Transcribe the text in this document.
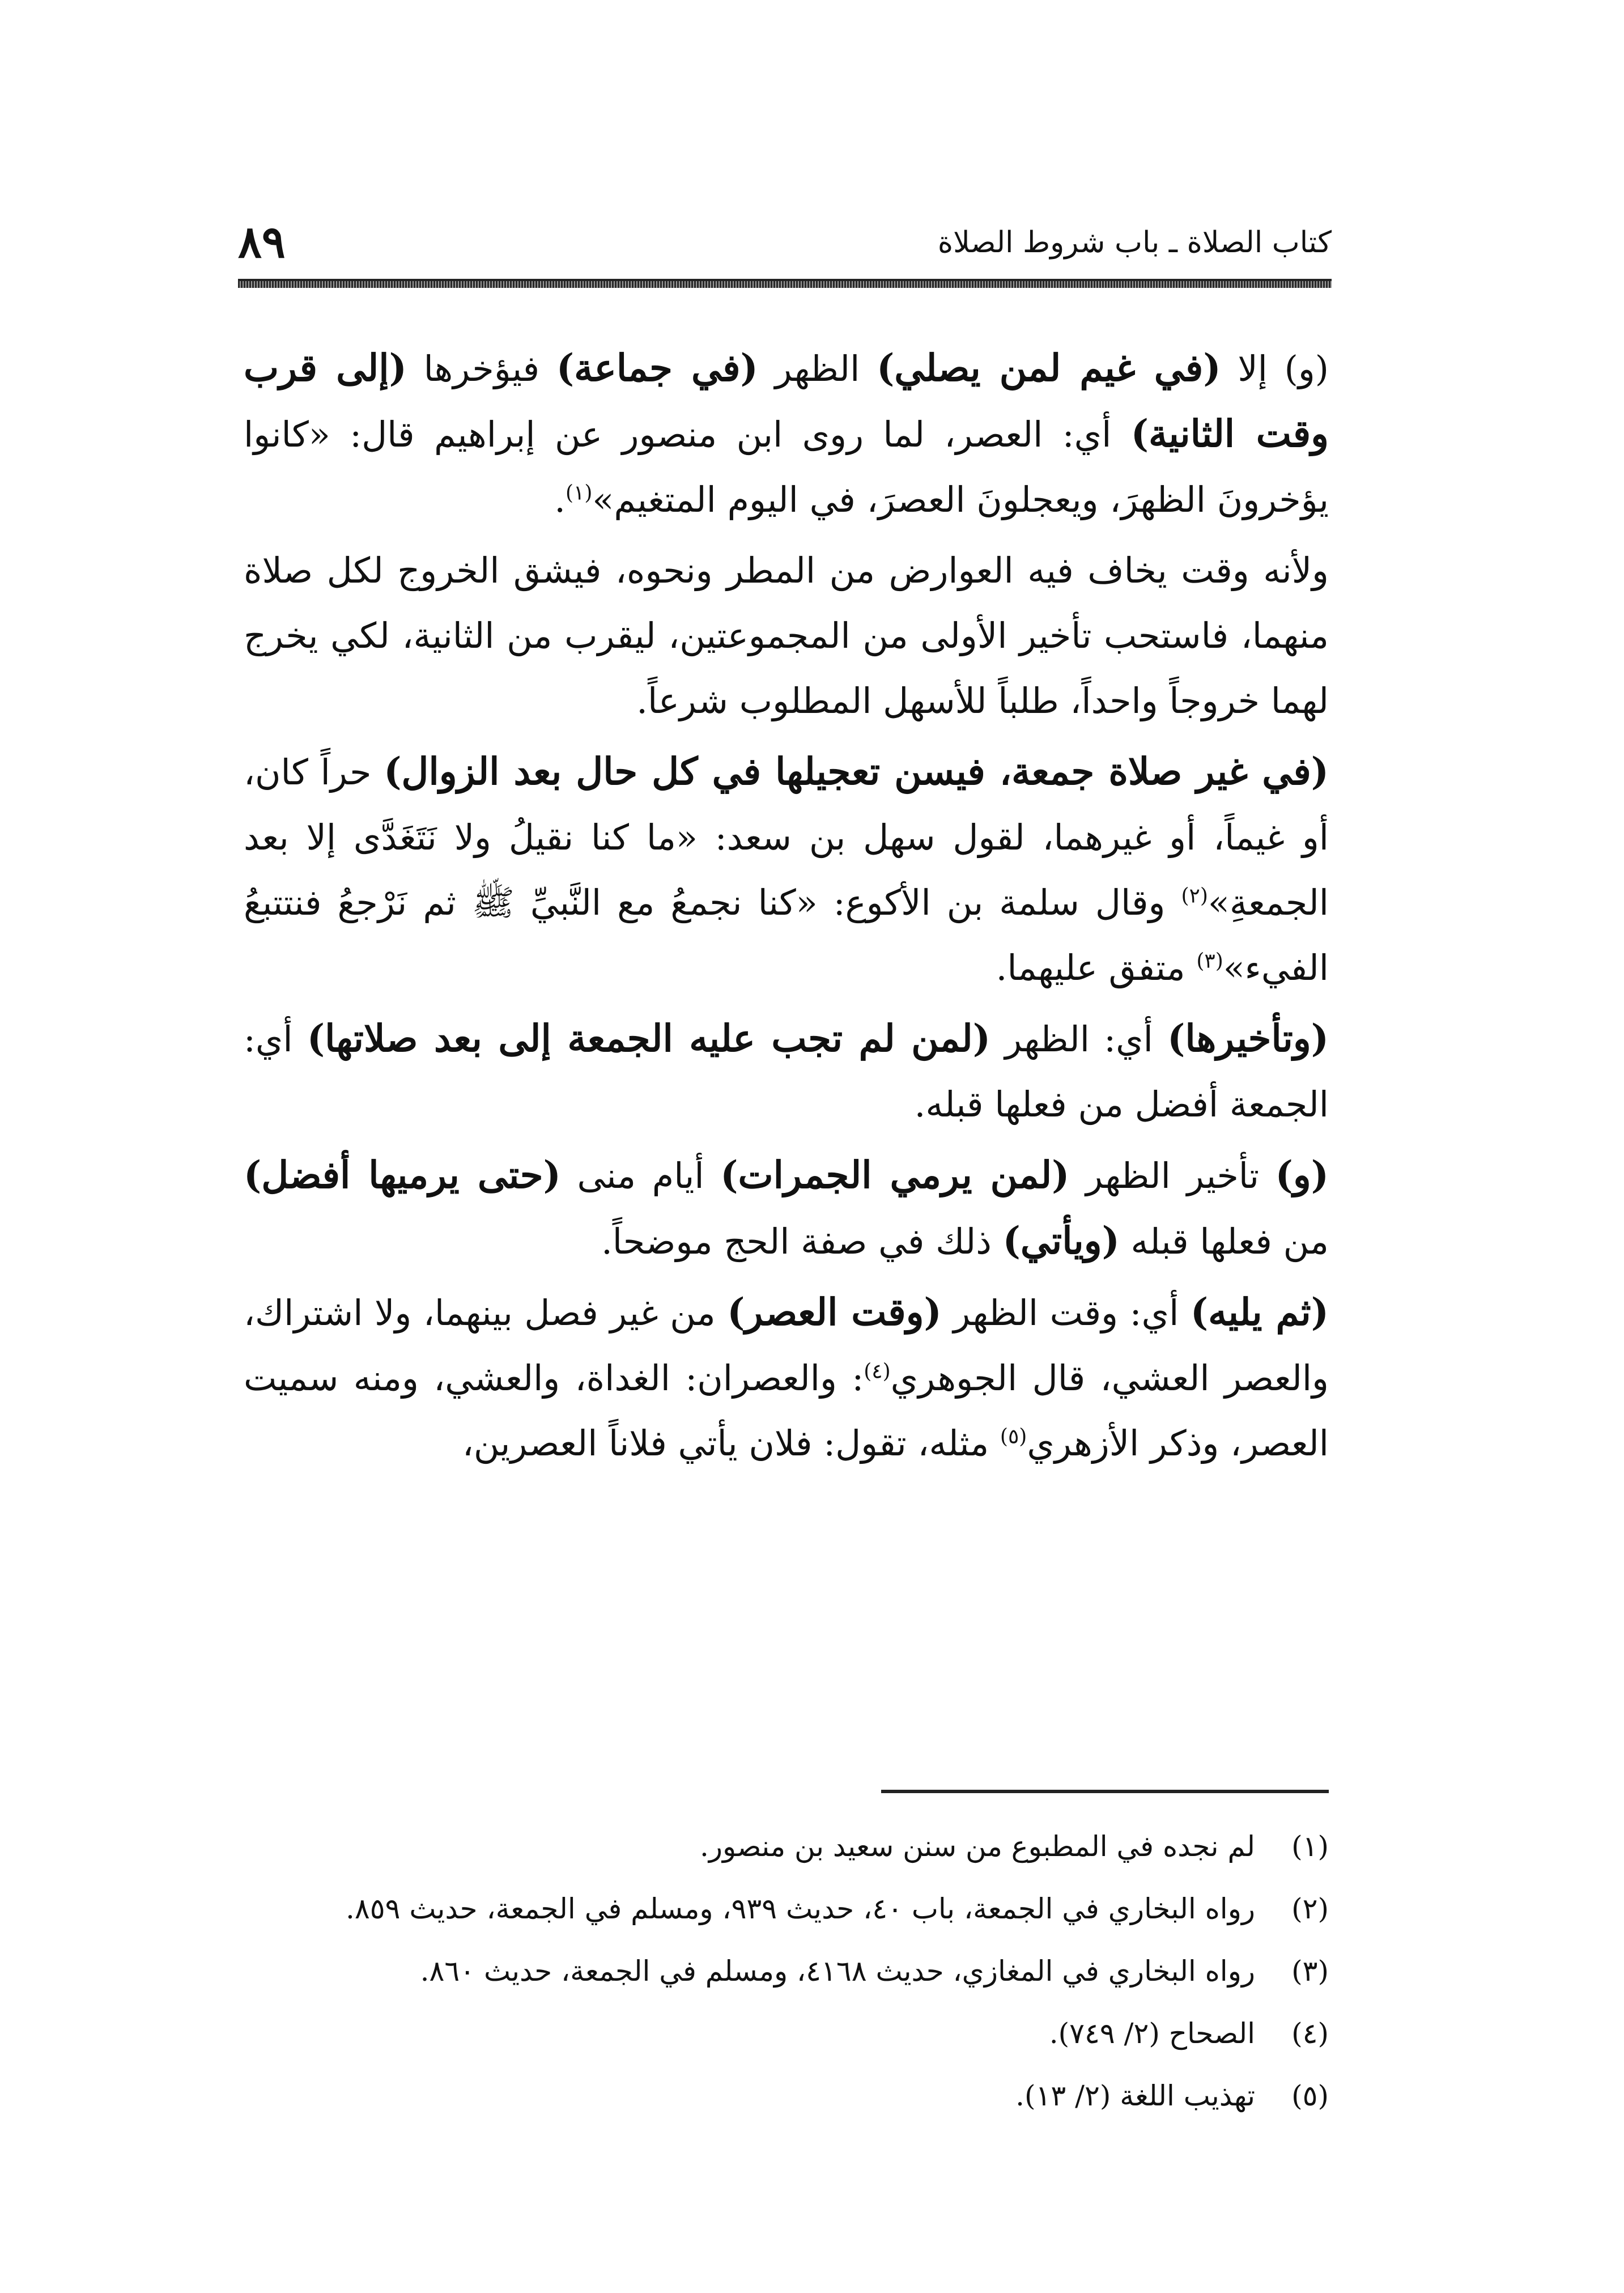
كتاب الصلاة ـ باب شروط الصلاة
٨٩

(و) إلا (في غيم لمن يصلي) الظهر (في جماعة) فيؤخرها (إلى قرب وقت الثانية) أي: العصر، لما روى ابن منصور عن إبراهيم قال: «كانوا يؤخرونَ الظهرَ، ويعجلونَ العصرَ، في اليوم المتغيم»$^{(١)}$.

ولأنه وقت يخاف فيه العوارض من المطر ونحوه، فيشق الخروج لكل صلاة منهما، فاستحب تأخير الأولى من المجموعتين، ليقرب من الثانية، لكي يخرج لهما خروجاً واحداً، طلباً للأسهل المطلوب شرعاً.

(في غير صلاة جمعة، فيسن تعجيلها في كل حال بعد الزوال) حراً كان، أو غيماً، أو غيرهما، لقول سهل بن سعد: «ما كنا نقيلُ ولا نَتَغَدَّى إلا بعد الجمعةِ»$^{(٢)}$ وقال سلمة بن الأكوع: «كنا نجمعُ مع النَّبيِّ ﷺ ثم نَرْجعُ فنتتبعُ الفيء»$^{(٣)}$ متفق عليهما.

(وتأخيرها) أي: الظهر (لمن لم تجب عليه الجمعة إلى بعد صلاتها) أي: الجمعة أفضل من فعلها قبله.

(و) تأخير الظهر (لمن يرمي الجمرات) أيام منى (حتى يرميها أفضل) من فعلها قبله (ويأتي) ذلك في صفة الحج موضحاً.

(ثم يليه) أي: وقت الظهر (وقت العصر) من غير فصل بينهما، ولا اشتراك، والعصر العشي، قال الجوهري$^{(٤)}$: والعصران: الغداة، والعشي، ومنه سميت العصر، وذكر الأزهري$^{(٥)}$ مثله، تقول: فلان يأتي فلاناً العصرين،

(١)
لم نجده في المطبوع من سنن سعيد بن منصور.
(٢)
رواه البخاري في الجمعة، باب ٤٠، حديث ٩٣٩، ومسلم في الجمعة، حديث ٨٥٩.
(٣)
رواه البخاري في المغازي، حديث ٤١٦٨، ومسلم في الجمعة، حديث ٨٦٠.
(٤)
الصحاح (٢/ ٧٤٩).
(٥)
تهذيب اللغة (٢/ ١٣).
